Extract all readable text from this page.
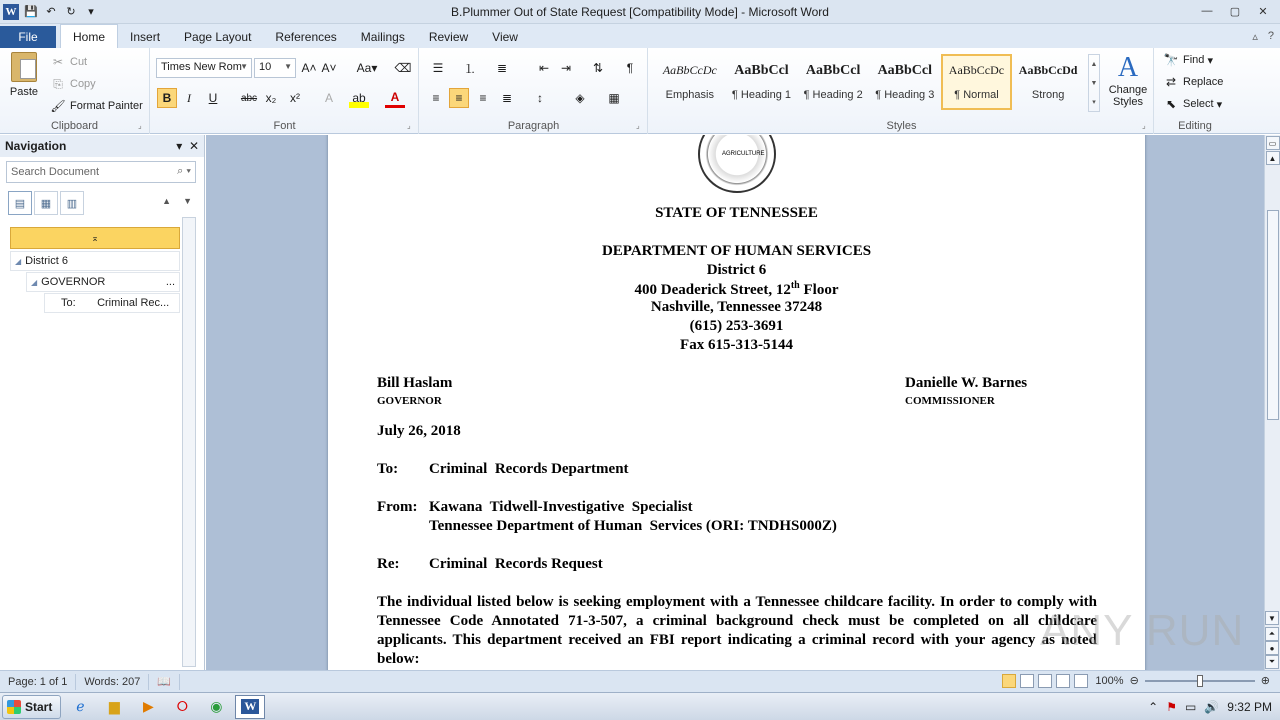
W 💾 ↶ ↻	▾	B.Plummer Out of State Request [Compatibility Mode] - Microsoft Word	—	▢	✕
File	Home	Insert	Page Layout	References	Mailings	Review	View	▵ ?
Paste
✂ Cut
⎘ Copy
🖌 Format Painter
Clipboard	⌟
Times New Rom
▼	10 ▼ A˄ A˅	Aa▾	⌫
B	I	U	abc x₂	x²	A	ab	A
Font	⌟
☰	⒈	≣	⇤ ⇥	⇅	¶
≡	≡	≡	≣	↕	◈	▦
Paragraph	⌟
AaBbCcDc
Emphasis
AaBbCcl
¶ Heading 1
AaBbCcl
¶ Heading 2
AaBbCcl
¶ Heading 3
AaBbCcDc
¶ Normal
AaBbCcDd
Strong
▲
▼
▾
A
Change Styles
Styles	⌟
🔭 Find ▾
⇄ Replace
⬉ Select ▾
Editing
Navigation	▾ ✕
Search Document	⌕ ▾
▤	▦	▥	▲ ▼
⌅
◢ District 6
◢ GOVERNOR	...
To:       Criminal Rec...
AGRICULTURE
STATE OF TENNESSEE
DEPARTMENT OF HUMAN SERVICES
District 6
400 Deaderick Street, 12th Floor
Nashville, Tennessee 37248
(615) 253-3691
Fax 615-313-5144
Bill Haslam
GOVERNOR
Danielle W. Barnes
COMMISSIONER
July 26, 2018
To: Criminal  Records Department
From: Kawana  Tidwell-Investigative  Specialist
Tennessee Department of Human  Services (ORI: TNDHS000Z)
Re: Criminal  Records Request
The individual listed below is seeking employment with a Tennessee childcare facility. In order to comply with Tennessee Code Annotated 71-3-507, a criminal background check must be completed on all childcare applicants. This department received an FBI report indicating a criminal record with your agency as noted below:
▭
▲
▼
⏶
●
⏷
Page: 1 of 1	Words: 207	📖	100% ⊖	⊕
Start	ℯ	▆	▶	⭘	◉	W	⌃ ⚑ ▭ 🔊 9:32 PM
ANY RUN
